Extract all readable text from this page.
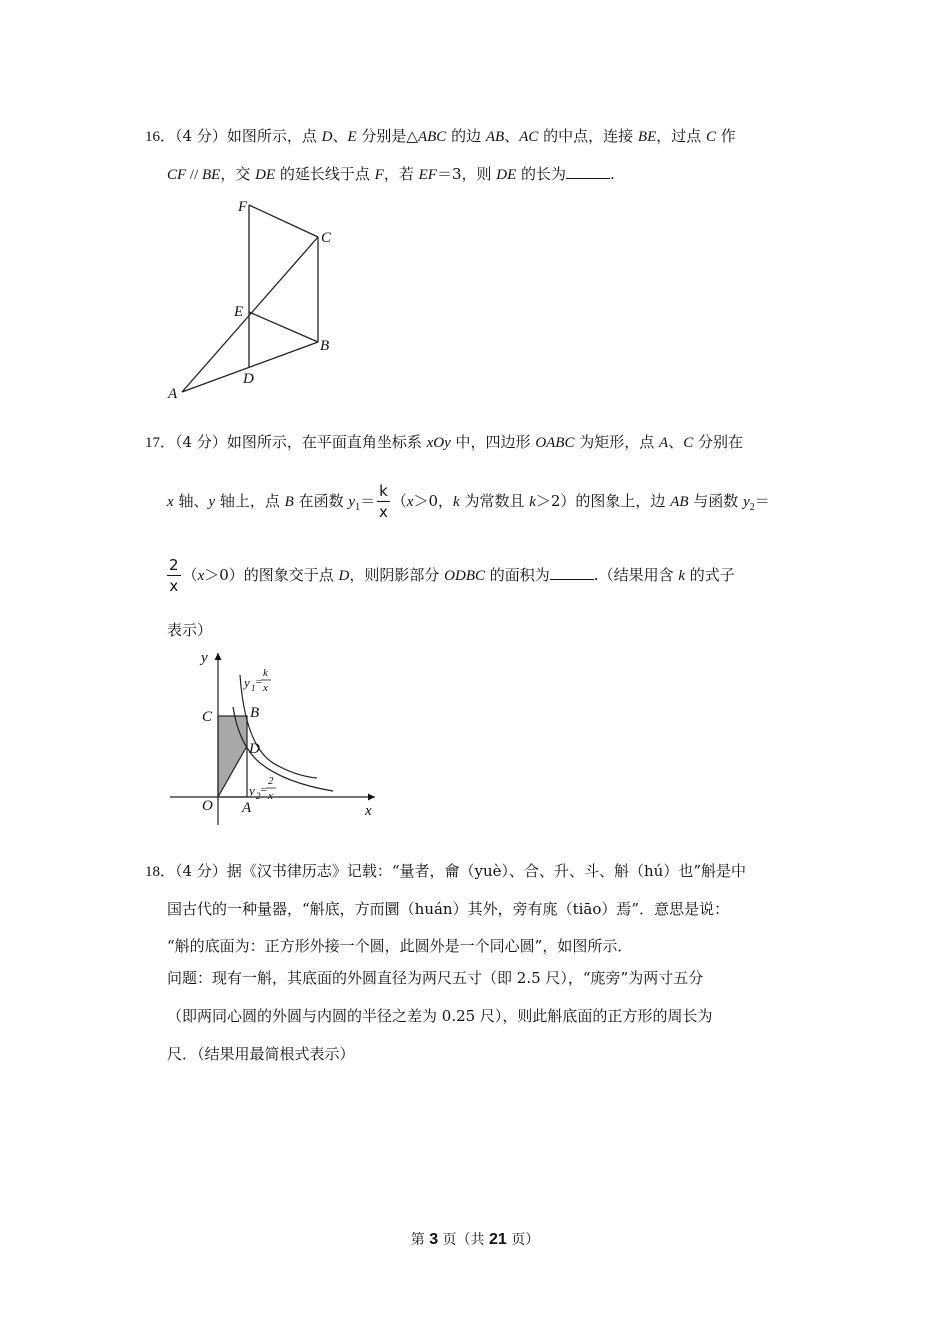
16．（4 分）如图所示，点 D、E 分别是△ABC 的边 AB、AC 的中点，连接 BE，过点 C 作
CF // BE，交 DE 的延长线于点 F，若 EF＝3，则 DE 的长为	.
F
C
E
B
D
A
17．（4 分）如图所示，在平面直角坐标系 xOy 中，四边形 OABC 为矩形，点 A、C 分别在
x 轴、y 轴上，点 B 在函数 $y_1= \frac{k}{x} (x>0$，k 为常数且 k＞2）的图象上，边 AB 与函数 $y_2=$
$\frac{2}{x} (x>0)$的图象交于点 D，则阴影部分 ODBC 的面积为	.（结果用含 k 的式子
表示）
y
x
O A
B
C
D
y 1 =
k
x
y 2 =
2
x
18．（4 分）据《汉书律历志》记载：“量者，龠（yuè）、合、升、斗、斛（hú）也”斛是中
国古代的一种量器，“斛底，方而圜（huán）其外，旁有庣（tiāo）焉”．意思是说：
“斛的底面为：正方形外接一个圆，此圆外是一个同心圆”，如图所示．
问题：现有一斛，其底面的外圆直径为两尺五寸（即 2.5 尺），“庣旁”为两寸五分
（即两同心圆的外圆与内圆的半径之差为 0.25 尺），则此斛底面的正方形的周长为
尺．（结果用最简根式表示）
第 3 页（共 21 页）
